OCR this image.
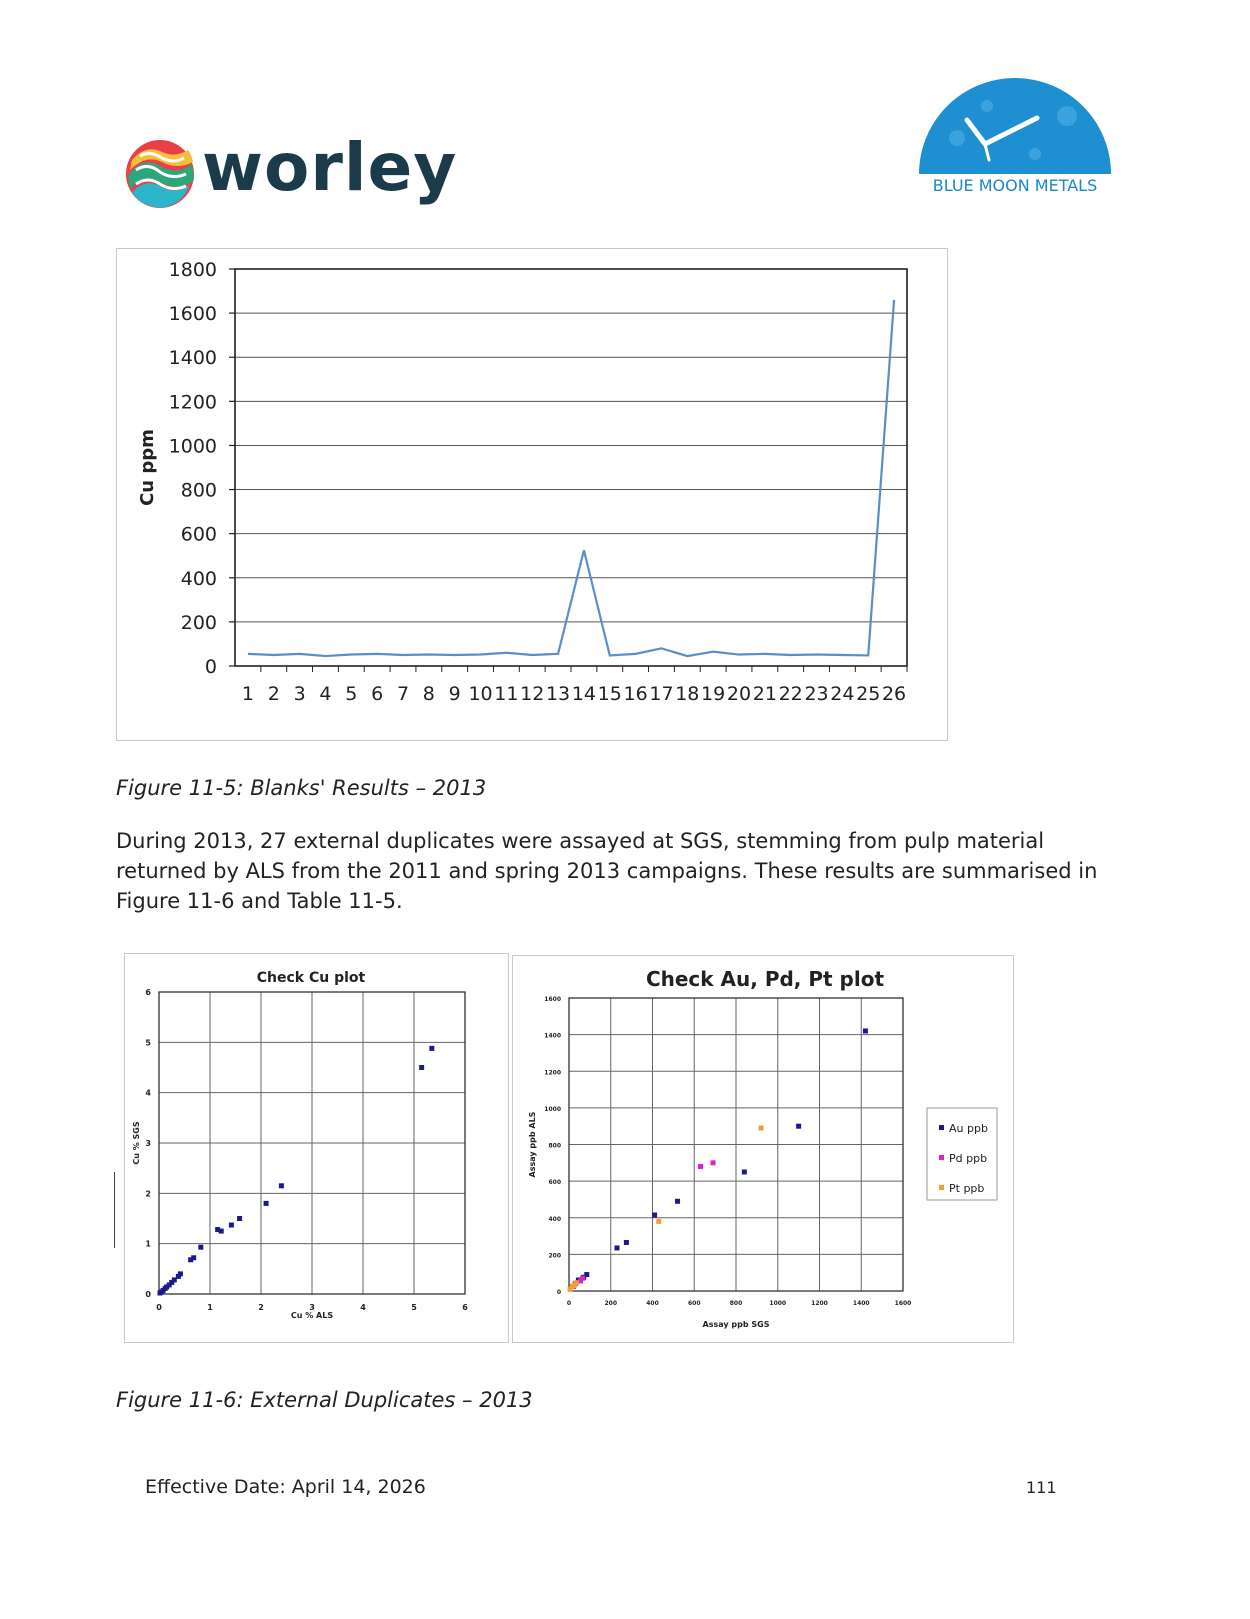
worley	BLUE MOON METALS
0
200
400
600
800
1000
1200
1400
1600
1800
1 2 3 4 5 6 7 8 9 10 11 12 13 14 15 16 17 18 19 20 21 22 23 24 25 26
Cu ppm
Figure 11-5: Blanks' Results – 2013
During 2013, 27 external duplicates were assayed at SGS, stemming from pulp material returned by ALS from the 2011 and spring 2013 campaigns. These results are summarised in Figure 11-6 and Table 11-5.
Check Cu plot
0	1	2	3	4	5	6
0
1
2
3
4
5
6
Cu % ALS
Cu % SGS
Check Au, Pd, Pt plot
0	200	400	600	800	1000	1200	1400	1600
0
200
400
600
800
1000
1200
1400
1600
Assay ppb SGS
Assay ppb ALS	Au ppb
Pd ppb
Pt ppb
Figure 11-6: External Duplicates – 2013
Effective Date: April 14, 2026	111
